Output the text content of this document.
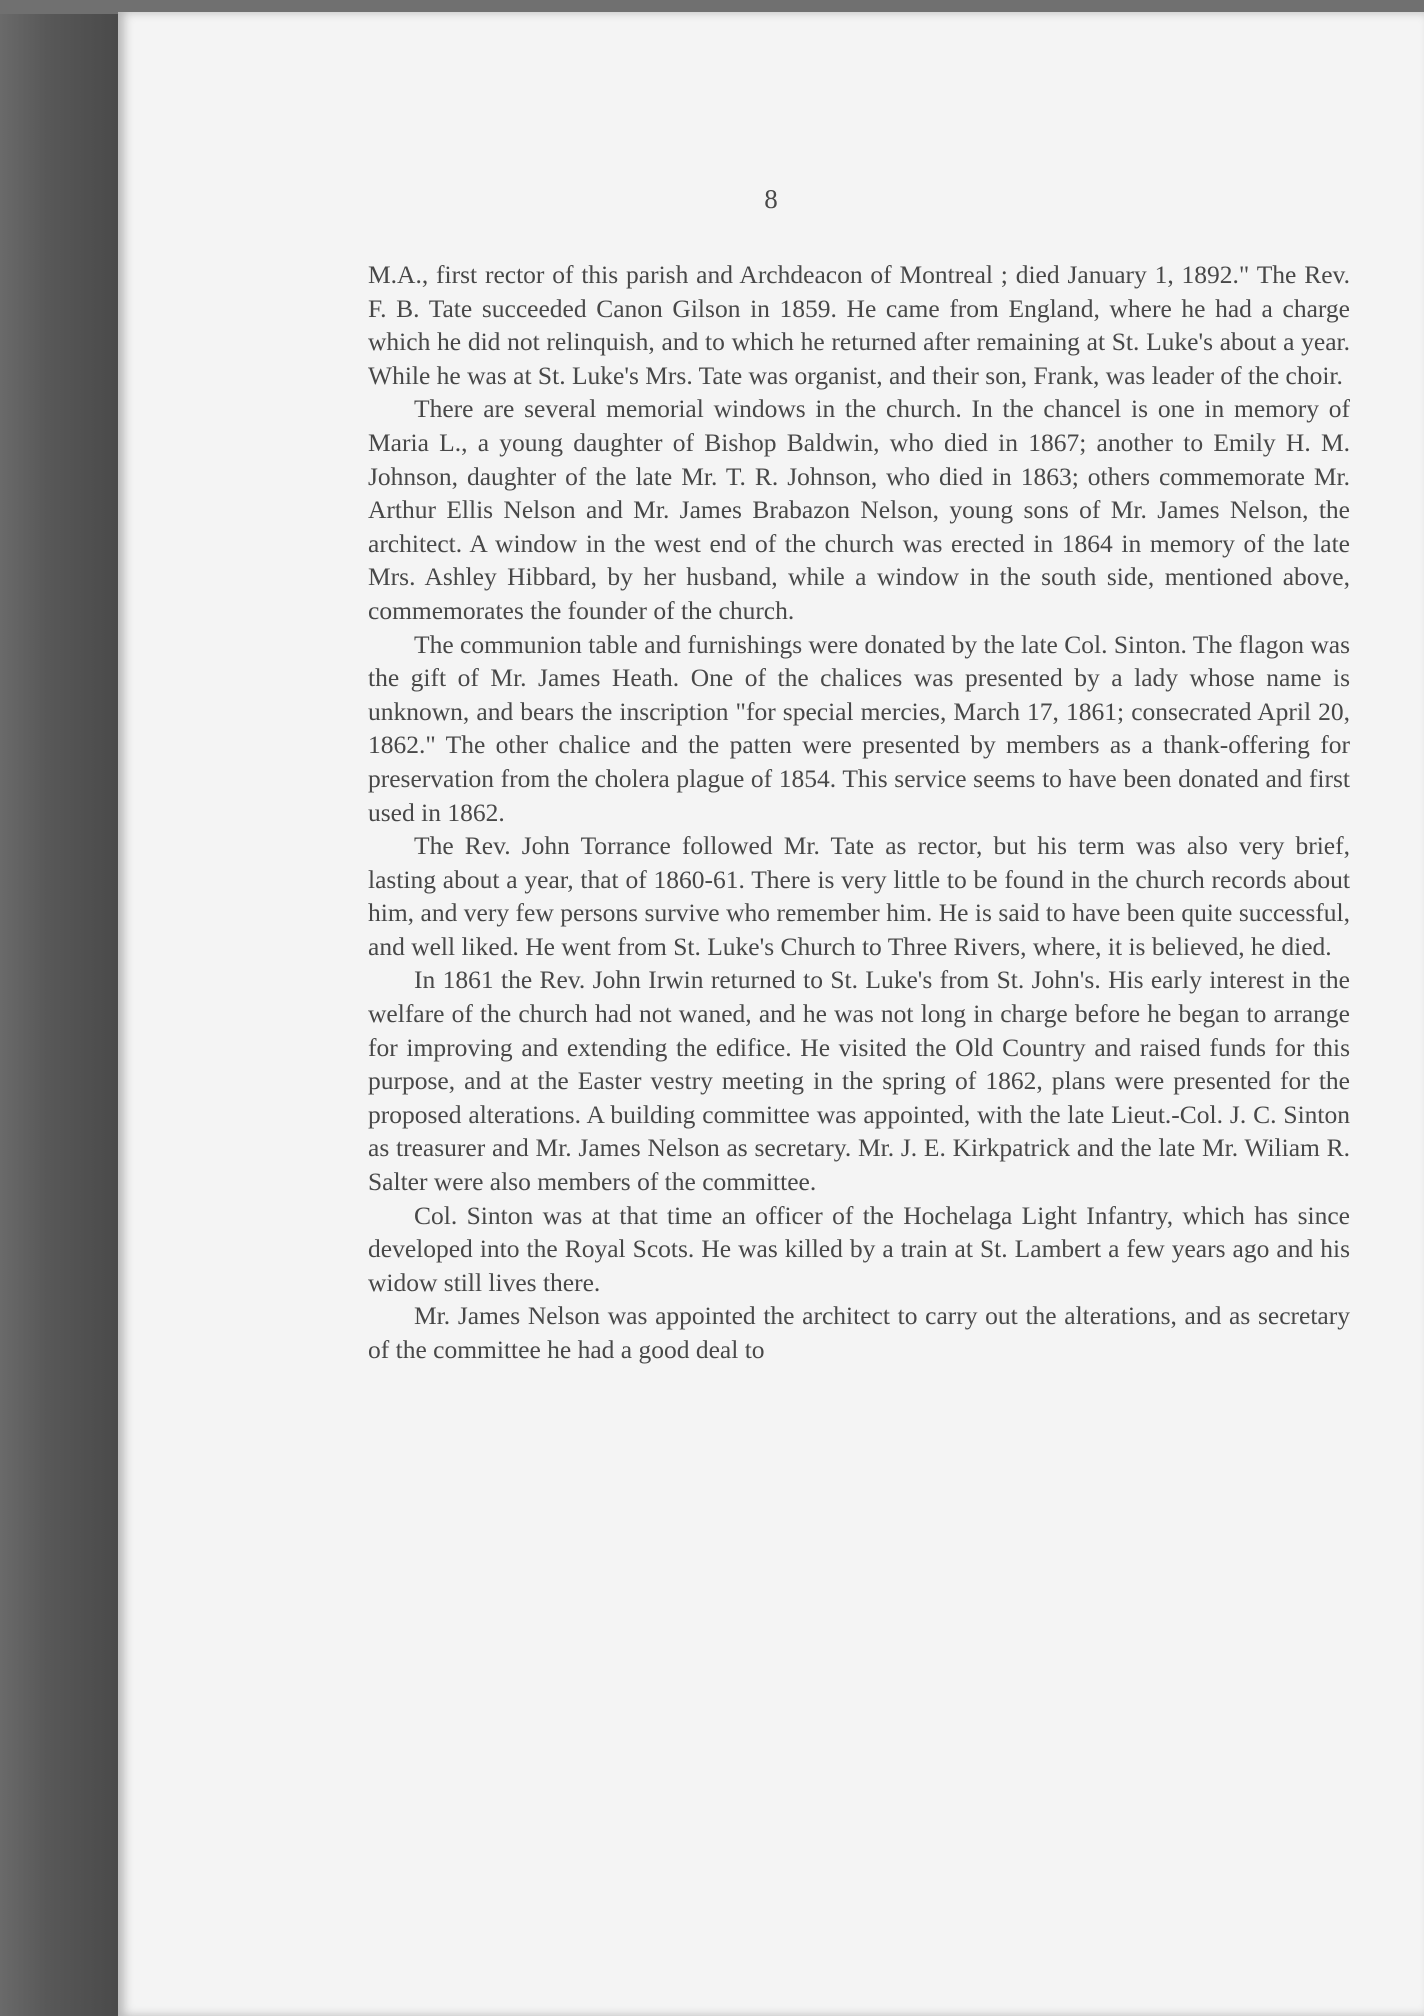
8

M.A., first rector of this parish and Archdeacon of Montreal ; died January 1, 1892." The Rev. F. B. Tate succeeded Canon Gilson in 1859. He came from England, where he had a charge which he did not relinquish, and to which he returned after remaining at St. Luke's about a year. While he was at St. Luke's Mrs. Tate was organist, and their son, Frank, was leader of the choir.

There are several memorial windows in the church. In the chancel is one in memory of Maria L., a young daughter of Bishop Baldwin, who died in 1867; another to Emily H. M. Johnson, daughter of the late Mr. T. R. Johnson, who died in 1863; others commemorate Mr. Arthur Ellis Nelson and Mr. James Brabazon Nelson, young sons of Mr. James Nelson, the architect. A window in the west end of the church was erected in 1864 in memory of the late Mrs. Ashley Hibbard, by her husband, while a window in the south side, mentioned above, commemorates the founder of the church.

The communion table and furnishings were donated by the late Col. Sinton. The flagon was the gift of Mr. James Heath. One of the chalices was presented by a lady whose name is unknown, and bears the inscription "for special mercies, March 17, 1861; consecrated April 20, 1862." The other chalice and the patten were presented by members as a thank-offering for preservation from the cholera plague of 1854. This service seems to have been donated and first used in 1862.

The Rev. John Torrance followed Mr. Tate as rector, but his term was also very brief, lasting about a year, that of 1860-61. There is very little to be found in the church records about him, and very few persons survive who remember him. He is said to have been quite successful, and well liked. He went from St. Luke's Church to Three Rivers, where, it is believed, he died.

In 1861 the Rev. John Irwin returned to St. Luke's from St. John's. His early interest in the welfare of the church had not waned, and he was not long in charge before he began to arrange for improving and extending the edifice. He visited the Old Country and raised funds for this purpose, and at the Easter vestry meeting in the spring of 1862, plans were presented for the proposed alterations. A building committee was appointed, with the late Lieut.-Col. J. C. Sinton as treasurer and Mr. James Nelson as secretary. Mr. J. E. Kirkpatrick and the late Mr. Wiliam R. Salter were also members of the committee.

Col. Sinton was at that time an officer of the Hochelaga Light Infantry, which has since developed into the Royal Scots. He was killed by a train at St. Lambert a few years ago and his widow still lives there.

Mr. James Nelson was appointed the architect to carry out the alterations, and as secretary of the committee he had a good deal to
